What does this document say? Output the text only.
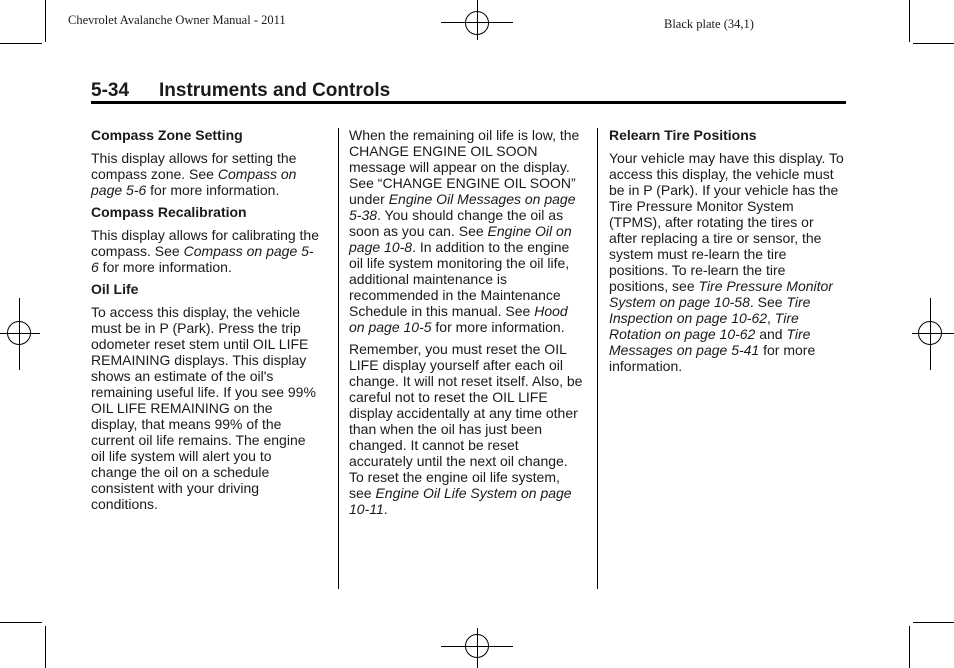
Chevrolet Avalanche Owner Manual - 2011	Black plate (34,1)
5-34 Instruments and Controls
Compass Zone Setting

This display allows for setting the compass zone. See Compass on page 5-6 for more information.

Compass Recalibration

This display allows for calibrating the compass. See Compass on page 5-6 for more information.

Oil Life

To access this display, the vehicle must be in P (Park). Press the trip odometer reset stem until OIL LIFE REMAINING displays. This display shows an estimate of the oil's remaining useful life. If you see 99% OIL LIFE REMAINING on the display, that means 99% of the current oil life remains. The engine oil life system will alert you to change the oil on a schedule consistent with your driving conditions.

When the remaining oil life is low, the CHANGE ENGINE OIL SOON message will appear on the display. See “CHANGE ENGINE OIL SOON” under Engine Oil Messages on page 5-38. You should change the oil as soon as you can. See Engine Oil on page 10-8. In addition to the engine oil life system monitoring the oil life, additional maintenance is recommended in the Maintenance Schedule in this manual. See Hood on page 10-5 for more information.

Remember, you must reset the OIL LIFE display yourself after each oil change. It will not reset itself. Also, be careful not to reset the OIL LIFE display accidentally at any time other than when the oil has just been changed. It cannot be reset accurately until the next oil change. To reset the engine oil life system, see Engine Oil Life System on page 10-11.

Relearn Tire Positions

Your vehicle may have this display. To access this display, the vehicle must be in P (Park). If your vehicle has the Tire Pressure Monitor System (TPMS), after rotating the tires or after replacing a tire or sensor, the system must re-learn the tire positions. To re-learn the tire positions, see Tire Pressure Monitor System on page 10-58. See Tire Inspection on page 10-62, Tire Rotation on page 10-62 and Tire Messages on page 5-41 for more information.
